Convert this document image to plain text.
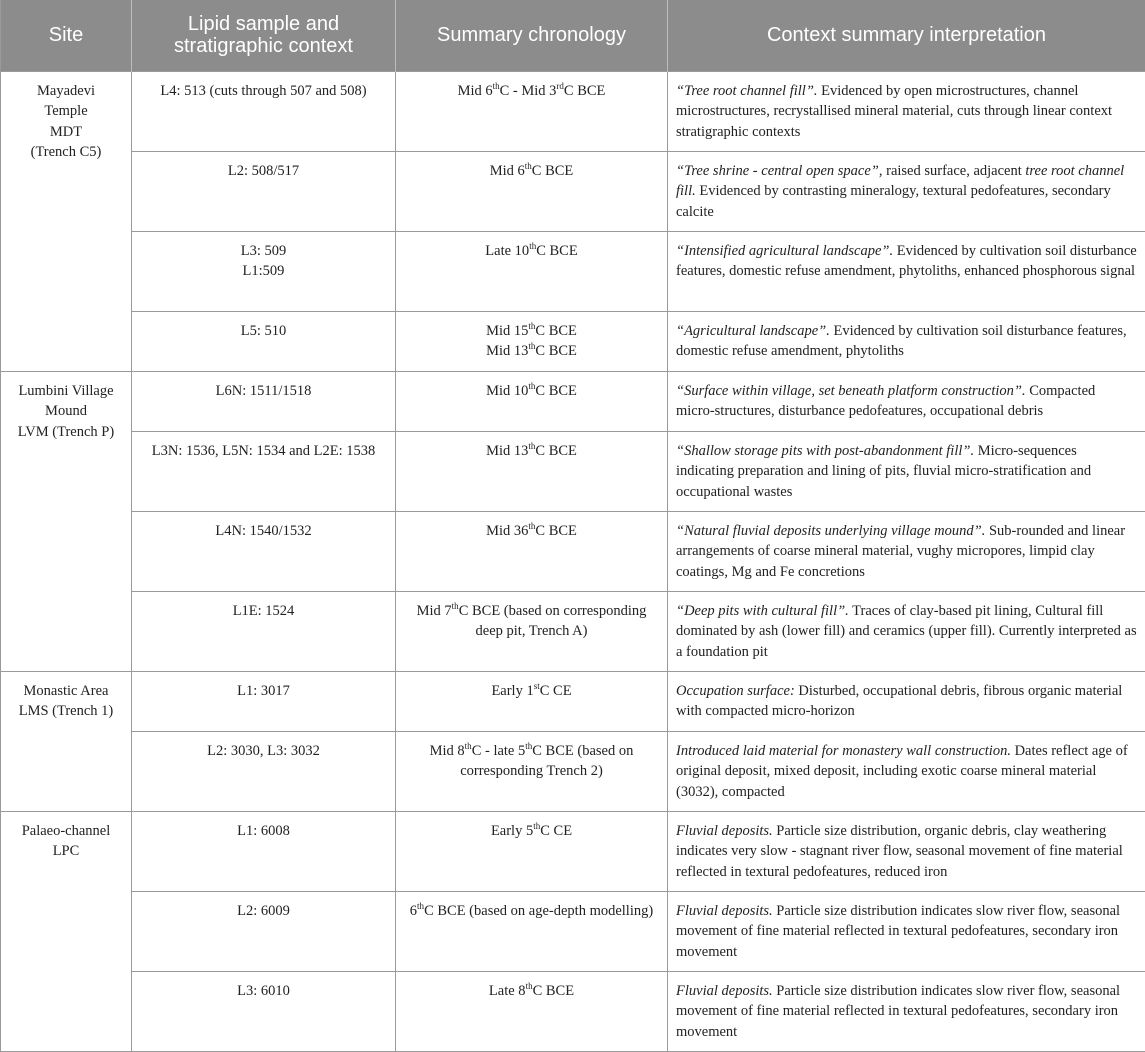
Site	Lipid sample and stratigraphic context	Summary chronology	Context summary interpretation

Mayadevi
Temple
MDT
(Trench C5)	L4: 513 (cuts through 507 and 508)	Mid 6thC - Mid 3rdC BCE	“Tree root channel fill”. Evidenced by open microstructures, channel microstructures, recrystallised mineral material, cuts through linear context stratigraphic contexts
	L2: 508/517	Mid 6thC BCE	“Tree shrine - central open space”, raised surface, adjacent tree root channel fill. Evidenced by contrasting mineralogy, textural pedofeatures, secondary calcite

	L3: 509
L1:509	Late 10thC BCE	“Intensified agricultural landscape”. Evidenced by cultivation soil disturbance features, domestic refuse amendment, phytoliths, enhanced phosphorous signal
	L5: 510	Mid 15thC BCE
Mid 13thC BCE	“Agricultural landscape”. Evidenced by cultivation soil disturbance features, domestic refuse amendment, phytoliths

Lumbini Village
Mound
LVM (Trench P)	L6N: 1511/1518	Mid 10thC BCE	“Surface within village, set beneath platform construction”. Compacted micro-structures, disturbance pedofeatures, occupational debris
	L3N: 1536, L5N: 1534 and L2E: 1538	Mid 13thC BCE	“Shallow storage pits with post-abandonment fill”. Micro-sequences indicating preparation and lining of pits, fluvial micro-stratification and occupational wastes
	L4N: 1540/1532	Mid 36thC BCE	“Natural fluvial deposits underlying village mound”. Sub-rounded and linear arrangements of coarse mineral material, vughy micropores, limpid clay coatings, Mg and Fe concretions
	L1E: 1524	Mid 7thC BCE (based on corresponding deep pit, Trench A)	“Deep pits with cultural fill”. Traces of clay-based pit lining, Cultural fill dominated by ash (lower fill) and ceramics (upper fill). Currently interpreted as a foundation pit

Monastic Area
LMS (Trench 1)	L1: 3017	Early 1stC CE	Occupation surface: Disturbed, occupational debris, fibrous organic material with compacted micro-horizon
	L2: 3030, L3: 3032	Mid 8thC - late 5thC BCE (based on corresponding Trench 2)	Introduced laid material for monastery wall construction. Dates reflect age of original deposit, mixed deposit, including exotic coarse mineral material (3032), compacted

Palaeo-channel
LPC	L1: 6008	Early 5thC CE	Fluvial deposits. Particle size distribution, organic debris, clay weathering indicates very slow - stagnant river flow, seasonal movement of fine material reflected in textural pedofeatures, reduced iron
	L2: 6009	6thC BCE (based on age-depth modelling)	Fluvial deposits. Particle size distribution indicates slow river flow, seasonal movement of fine material reflected in textural pedofeatures, secondary iron movement
	L3: 6010	Late 8thC BCE	Fluvial deposits. Particle size distribution indicates slow river flow, seasonal movement of fine material reflected in textural pedofeatures, secondary iron movement
